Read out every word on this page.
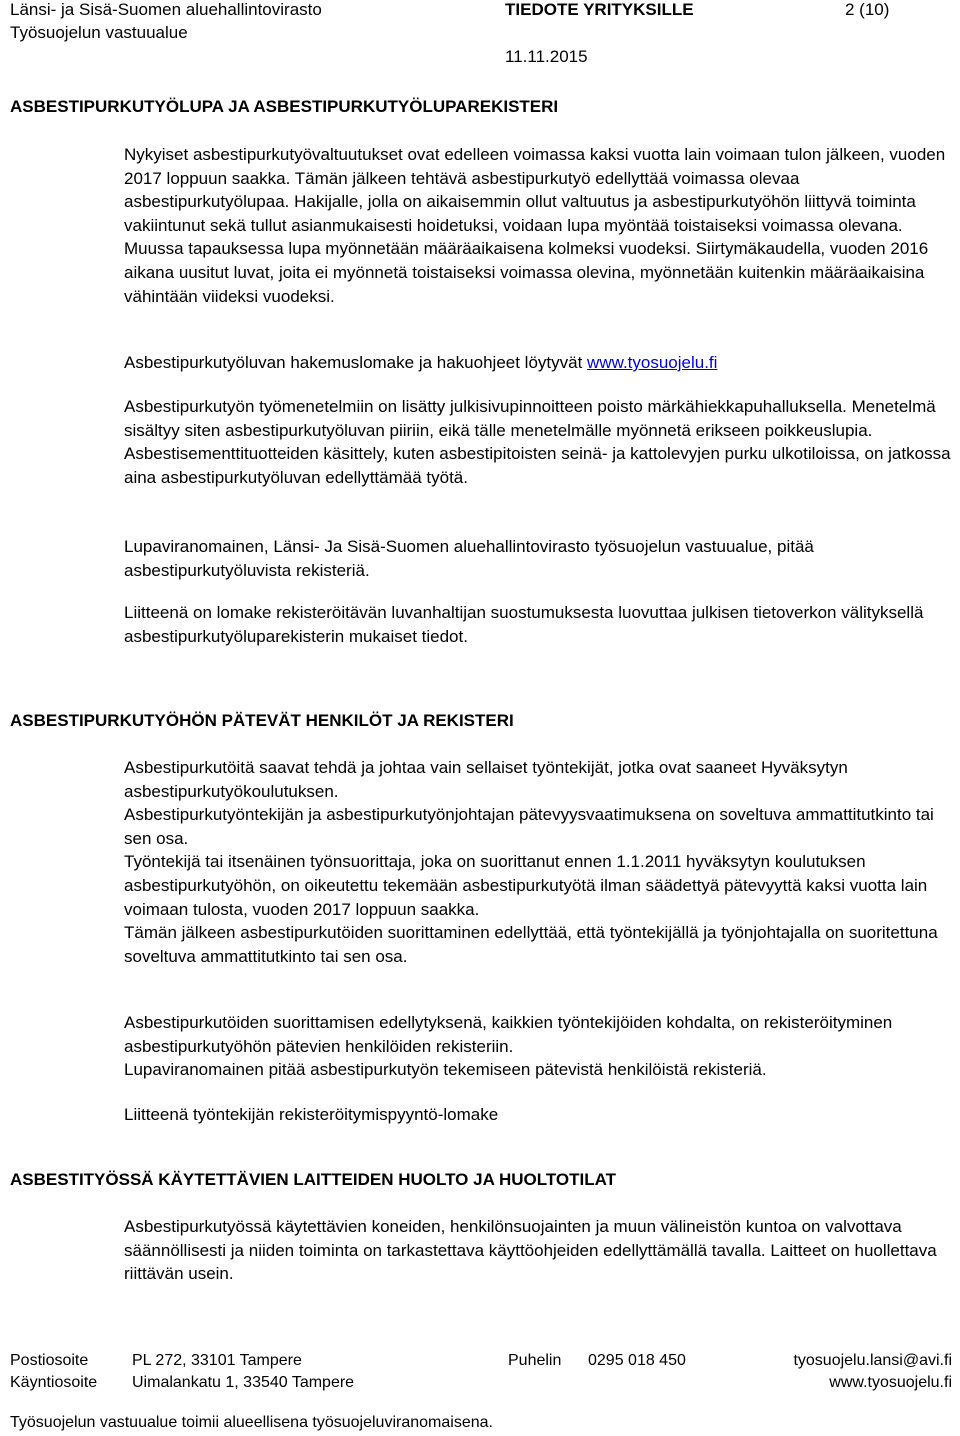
Länsi- ja Sisä-Suomen aluehallintovirasto
Työsuojelun vastuualue
TIEDOTE YRITYKSILLE	2 (10)
11.11.2015
ASBESTIPURKUTYÖLUPA JA ASBESTIPURKUTYÖLUPAREKISTERI

Nykyiset asbestipurkutyövaltuutukset ovat edelleen voimassa kaksi vuotta lain voimaan tulon jälkeen, vuoden 2017 loppuun saakka. Tämän jälkeen tehtävä asbestipurkutyö edellyttää voimassa olevaa asbestipurkutyölupaa. Hakijalle, jolla on aikaisemmin ollut valtuutus ja asbestipurkutyöhön liittyvä toiminta vakiintunut sekä tullut asianmukaisesti hoidetuksi, voidaan lupa myöntää toistaiseksi voimassa olevana. Muussa tapauksessa lupa myönnetään määräaikaisena kolmeksi vuodeksi. Siirtymäkaudella, vuoden 2016 aikana uusitut luvat, joita ei myönnetä toistaiseksi voimassa olevina, myönnetään kuitenkin määräaikaisina vähintään viideksi vuodeksi.

Asbestipurkutyöluvan hakemuslomake ja hakuohjeet löytyvät www.tyosuojelu.fi

Asbestipurkutyön työmenetelmiin on lisätty julkisivupinnoitteen poisto märkähiekkapuhalluksella. Menetelmä sisältyy siten asbestipurkutyöluvan piiriin, eikä tälle menetelmälle myönnetä erikseen poikkeuslupia.

Asbestisementtituotteiden käsittely, kuten asbestipitoisten seinä- ja kattolevyjen purku ulkotiloissa, on jatkossa aina asbestipurkutyöluvan edellyttämää työtä.

Lupaviranomainen, Länsi- Ja Sisä-Suomen aluehallintovirasto työsuojelun vastuualue, pitää asbestipurkutyöluvista rekisteriä.

Liitteenä on lomake rekisteröitävän luvanhaltijan suostumuksesta luovuttaa julkisen tietoverkon välityksellä asbestipurkutyöluparekisterin mukaiset tiedot.

ASBESTIPURKUTYÖHÖN PÄTEVÄT HENKILÖT JA REKISTERI

Asbestipurkutöitä saavat tehdä ja johtaa vain sellaiset työntekijät, jotka ovat saaneet Hyväksytyn asbestipurkutyökoulutuksen.

Asbestipurkutyöntekijän ja asbestipurkutyönjohtajan pätevyysvaatimuksena on soveltuva ammattitutkinto tai sen osa.

Työntekijä tai itsenäinen työnsuorittaja, joka on suorittanut ennen 1.1.2011 hyväksytyn koulutuksen asbestipurkutyöhön, on oikeutettu tekemään asbestipurkutyötä ilman säädettyä pätevyyttä kaksi vuotta lain voimaan tulosta, vuoden 2017 loppuun saakka.

Tämän jälkeen asbestipurkutöiden suorittaminen edellyttää, että työntekijällä ja työnjohtajalla on suoritettuna soveltuva ammattitutkinto tai sen osa.

Asbestipurkutöiden suorittamisen edellytyksenä, kaikkien työntekijöiden kohdalta, on rekisteröityminen asbestipurkutyöhön pätevien henkilöiden rekisteriin.

Lupaviranomainen pitää asbestipurkutyön tekemiseen pätevistä henkilöistä rekisteriä.

Liitteenä työntekijän rekisteröitymispyyntö-lomake

ASBESTITYÖSSÄ KÄYTETTÄVIEN LAITTEIDEN HUOLTO JA HUOLTOTILAT

Asbestipurkutyössä käytettävien koneiden, henkilönsuojainten ja muun välineistön kuntoa on valvottava säännöllisesti ja niiden toiminta on tarkastettava käyttöohjeiden edellyttämällä tavalla. Laitteet on huollettava riittävän usein.

Postiosoite	PL 272, 33101 Tampere	Puhelin 0295 018 450	tyosuojelu.lansi@avi.fi
Käyntiosoite Uimalankatu 1, 33540 Tampere	www.tyosuojelu.fi
Työsuojelun vastuualue toimii alueellisena työsuojeluviranomaisena.
